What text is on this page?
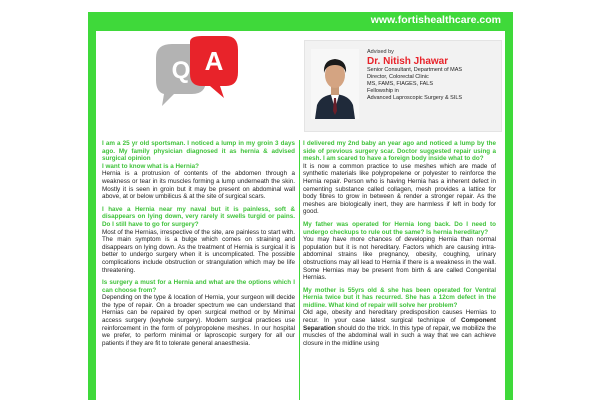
www.fortishealthcare.com
Q A	Advised by
Dr. Nitish Jhawar
Senior Consultant, Department of MAS
Director, Colorectal Clinic
MS, FAMS, FIAGES, FALS
Fellowship in
Advanced Laproscopic Surgery & SILS

I am a 25 yr old sportsman. I noticed a lump in my groin 3 days ago. My family physician diagnosed it as hernia & advised surgical opinion

I want to know what is a Hernia?

Hernia is a protrusion of contents of the abdomen through a weakness or tear in its muscles forming a lump underneath the skin. Mostly it is seen in groin but it may be present on abdominal wall above, at or below umbilicus & at the site of surgical scars.

I have a Hernia near my naval but it is painless, soft & disappears on lying down, very rarely it swells turgid or pains. Do I still have to go for surgery?

Most of the Hernias, irrespective of the site, are painless to start with. The main symptom is a bulge which comes on straining and disappears on lying down. As the treatment of Hernia is surgical it is better to undergo surgery when it is uncomplicated. The possible complications include obstruction or strangulation which may be life threatening.

Is surgery a must for a Hernia and what are the options which I can choose from?

Depending on the type & location of Hernia, your surgeon will decide the type of repair. On a broader spectrum we can understand that Hernias can be repaired by open surgical method or by Minimal access surgery (keyhole surgery). Modern surgical practices use reinforcement in the form of polypropolene meshes. In our hospital we prefer, to perform minimal or laproscopic surgery for all our patients if they are fit to tolerate general anaesthesia.

I delivered my 2nd baby an year ago and noticed a lump by the side of previous surgery scar. Doctor suggested repair using a mesh. I am scared to have a foreign body inside what to do?

It is now a common practice to use meshes which are made of synthetic materials like polypropelene or polyester to reinforce the Hernia repair. Person who is having Hernia has a inherent defect in cementing substance called collagen, mesh provides a lattice for body fibres to grow in between & render a stronger repair. As the meshes are biologically inert, they are harmless if left in body for good.

My father was operated for Hernia long back. Do I need to undergo checkups to rule out the same? Is hernia hereditary?

You may have more chances of developing Hernia than normal population but it is not hereditary. Factors which are causing intra-abdominal strains like pregnancy, obesity, coughing, urinary obstructions may all lead to Hernia if there is a weakness in the wall. Some Hernias may be present from birth & are called Congenital Hernias.

My mother is 55yrs old & she has been operated for Ventral Hernia twice but it has recurred. She has a 12cm defect in the midline. What kind of repair will solve her problem?

Old age, obesity and hereditary predisposition causes Hernias to recur. In your case latest surgical technique of Component Separation should do the trick. In this type of repair, we mobilize the muscles of the abdominal wall in such a way that we can achieve closure in the midline using
